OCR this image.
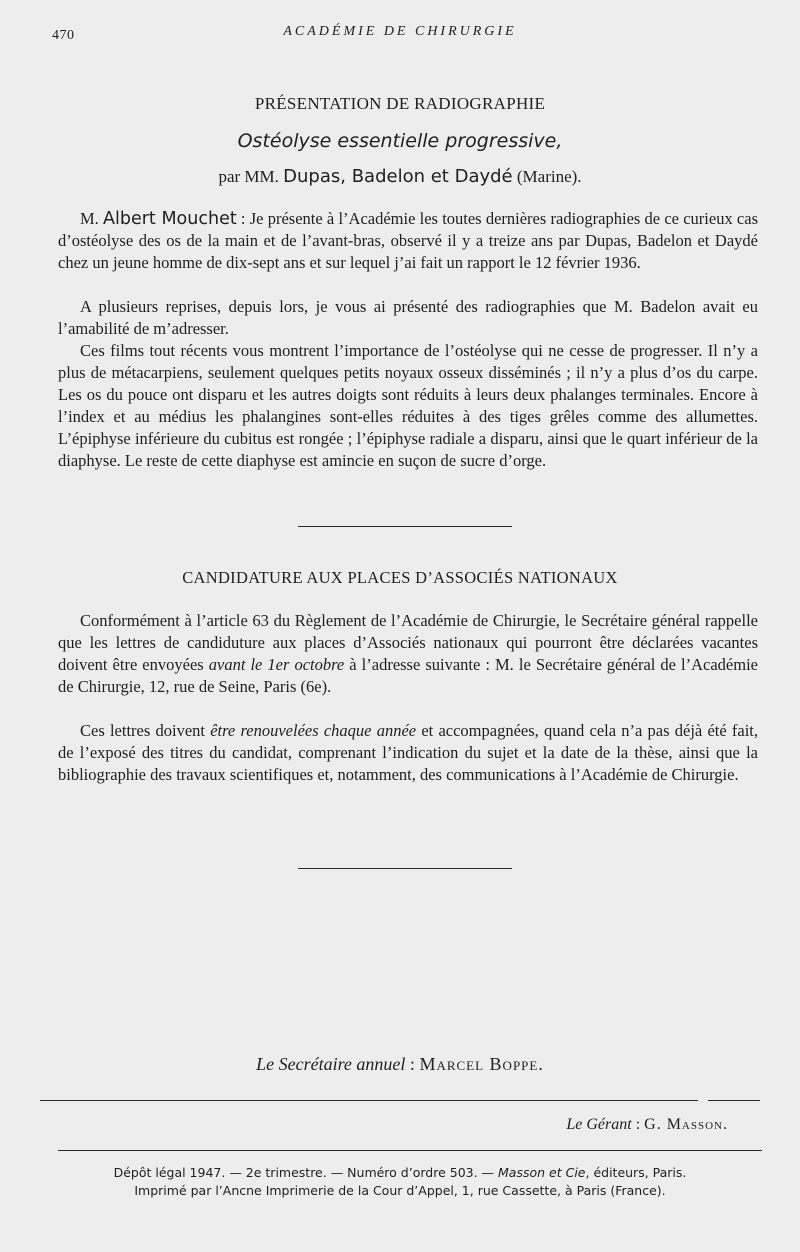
470	ACADÉMIE DE CHIRURGIE
PRÉSENTATION DE RADIOGRAPHIE
Ostéolyse essentielle progressive,
par MM. Dupas, Badelon et Daydé (Marine).
M. Albert Mouchet : Je présente à l’Académie les toutes dernières radiographies de ce curieux cas d’ostéolyse des os de la main et de l’avant-bras, observé il y a treize ans par Dupas, Badelon et Daydé chez un jeune homme de dix-sept ans et sur lequel j’ai fait un rapport le 12 février 1936.
A plusieurs reprises, depuis lors, je vous ai présenté des radiographies que M. Badelon avait eu l’amabilité de m’adresser.
Ces films tout récents vous montrent l’importance de l’ostéolyse qui ne cesse de progresser. Il n’y a plus de métacarpiens, seulement quelques petits noyaux osseux disséminés ; il n’y a plus d’os du carpe. Les os du pouce ont disparu et les autres doigts sont réduits à leurs deux phalanges terminales. Encore à l’index et au médius les phalangines sont-elles réduites à des tiges grêles comme des allumettes. L’épiphyse inférieure du cubitus est rongée ; l’épiphyse radiale a disparu, ainsi que le quart inférieur de la diaphyse. Le reste de cette diaphyse est amincie en suçon de sucre d’orge.
CANDIDATURE AUX PLACES D’ASSOCIÉS NATIONAUX
Conformément à l’article 63 du Règlement de l’Académie de Chirurgie, le Secrétaire général rappelle que les lettres de candiduture aux places d’Associés nationaux qui pourront être déclarées vacantes doivent être envoyées avant le 1er octobre à l’adresse suivante : M. le Secrétaire général de l’Académie de Chirurgie, 12, rue de Seine, Paris (6e).
Ces lettres doivent être renouvelées chaque année et accompagnées, quand cela n’a pas déjà été fait, de l’exposé des titres du candidat, comprenant l’indication du sujet et la date de la thèse, ainsi que la bibliographie des travaux scientifiques et, notamment, des communications à l’Académie de Chirurgie.
Le Secrétaire annuel : Marcel Boppe.
Le Gérant : G. Masson.
Dépôt légal 1947. — 2e trimestre. — Numéro d’ordre 503. — Masson et Cie, éditeurs, Paris.
Imprimé par l’Ancne Imprimerie de la Cour d’Appel, 1, rue Cassette, à Paris (France).
